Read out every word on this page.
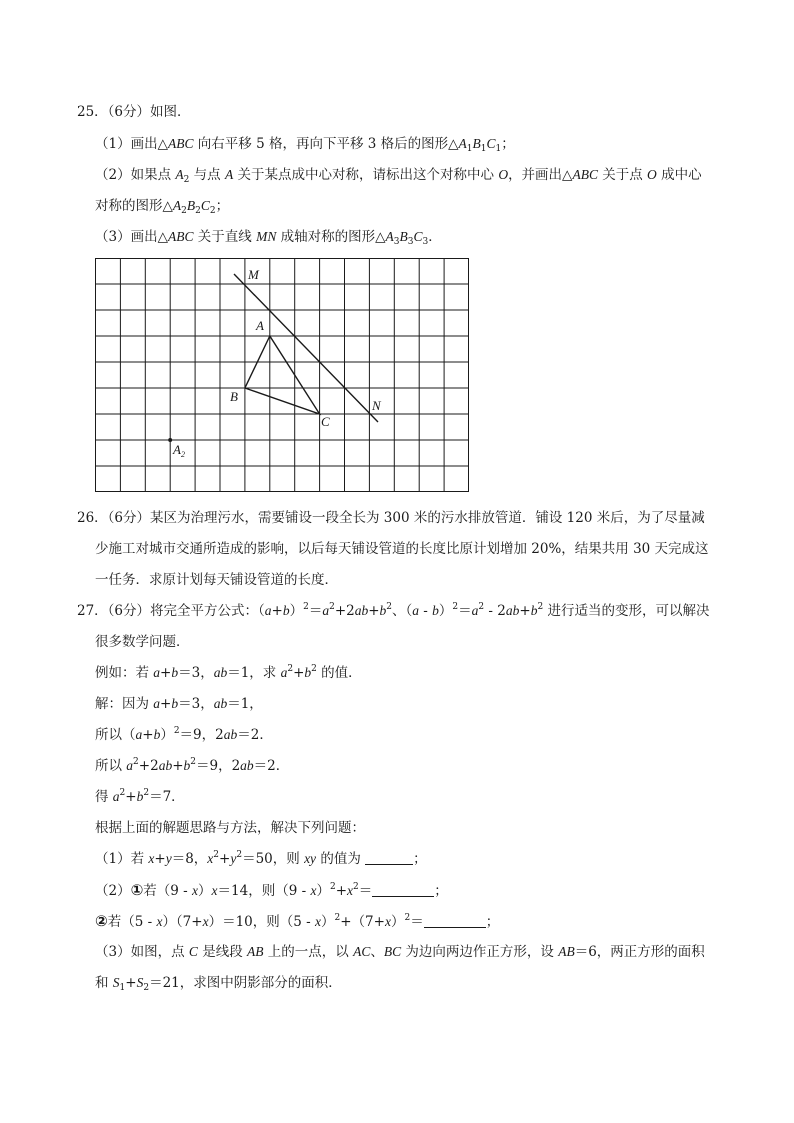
25．（6分）如图．
（1）画出△ABC 向右平移 5 格，再向下平移 3 格后的图形$\triangle A_1B_1C_1$；
（2）如果点 $A_2$ 与点 A 关于某点成中心对称，请标出这个对称中心 O，并画出△ABC 关于点 O 成中心
对称的图形$\triangle A_2B_2C_2$；
（3）画出△ABC 关于直线 MN 成轴对称的图形$\triangle A_3B_3C_3$．
M
A
B
C
N
$A_2$
26．（6分）某区为治理污水，需要铺设一段全长为 300 米的污水排放管道．铺设 120 米后，为了尽量减
少施工对城市交通所造成的影响，以后每天铺设管道的长度比原计划增加 20%，结果共用 30 天完成这
一任务．求原计划每天铺设管道的长度．
27．（6分）将完全平方公式：$(a+b)^2=a^2+2ab+b^2$、$(a - b)^2=a^2 - 2ab+b^2$ 进行适当的变形，可以解决
很多数学问题．
例如：若 a+b＝3，ab＝1，求 $a^2+b^2$ 的值．
解：因为 a+b＝3，ab＝1，
所以$(a+b)^2=9$，2ab＝2．
所以 $a^2+2ab+b^2=9$，2ab＝2．
得 $a^2+b^2=7$．
根据上面的解题思路与方法，解决下列问题：
（1）若 x+y＝8，$x^2+y^2=50$，则 xy 的值为	；
（2）①若（9 - x）x＝14，则$(9 - x)^2+x^2=$	；
②若（5 - x）（7+x）＝10，则$(5 - x)^2+(7+x)^2=$	；
（3）如图，点 C 是线段 AB 上的一点，以 AC、BC 为边向两边作正方形，设 AB＝6，两正方形的面积
和 $S_1+S_2=21$，求图中阴影部分的面积．
